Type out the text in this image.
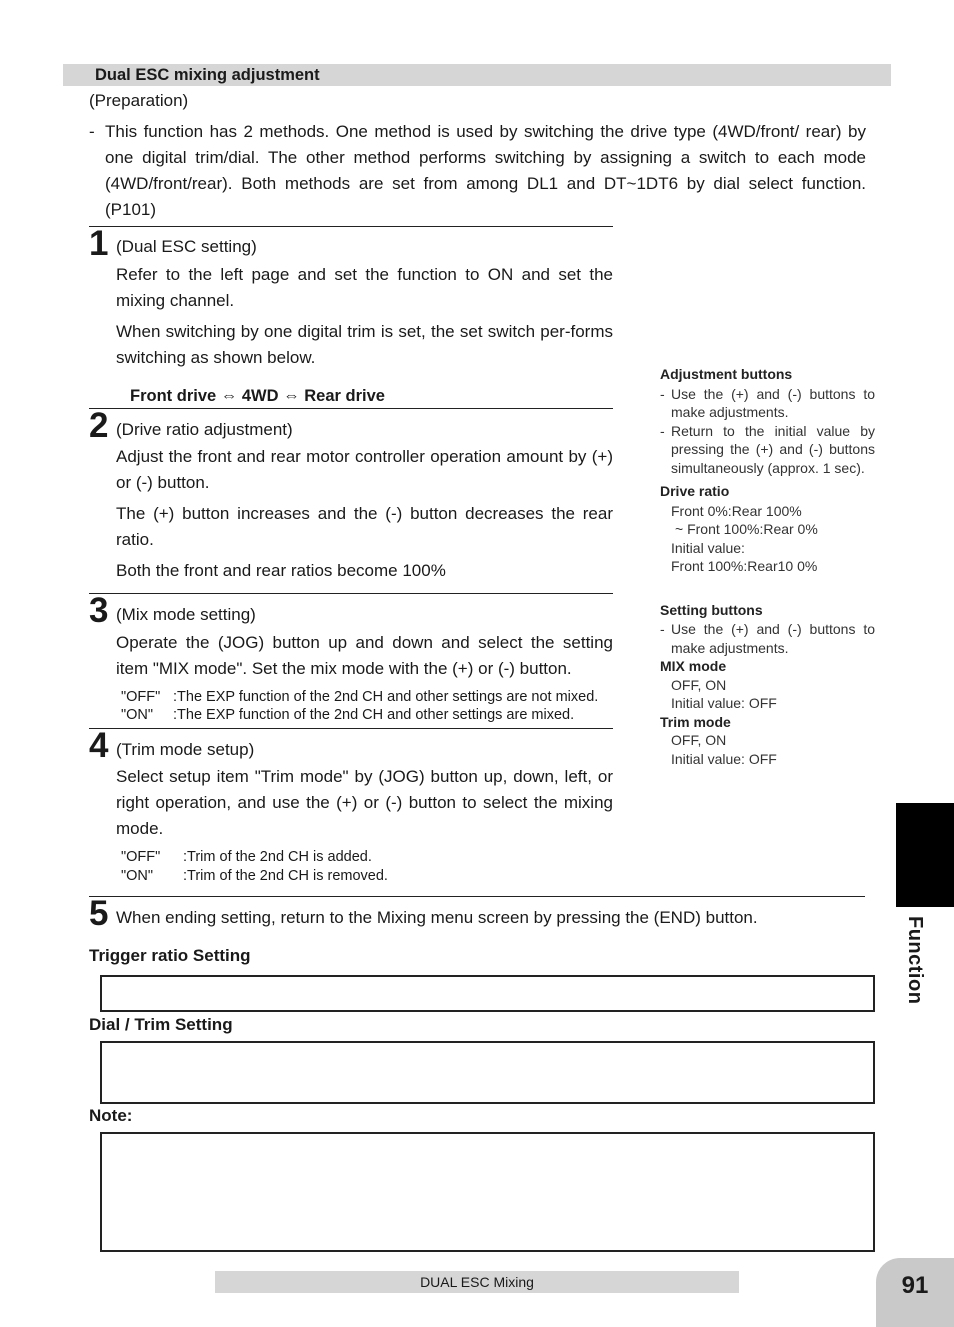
Dual ESC mixing adjustment
(Preparation)
- This function has 2 methods. One method is used by switching the drive type (4WD/front/ rear) by one digital trim/dial. The other method performs switching by assigning a switch to each mode (4WD/front/rear). Both methods are set from among DL1 and DT~1DT6 by dial select function. (P101)
1 (Dual ESC setting)
Refer to the left page and set the function to ON and set the mixing channel.
When switching by one digital trim is set, the set switch per-forms switching as shown below.
Front drive ⇔ 4WD ⇔ Rear drive
2 (Drive ratio adjustment)
Adjust the front and rear motor controller operation amount by (+) or (-) button.
The (+) button increases and the (-) button decreases the rear ratio.
Both the front and rear ratios become 100%
3 (Mix mode setting)
Operate the (JOG) button up and down and select the setting item "MIX mode". Set the mix mode with the (+) or (-) button.
"OFF" :The EXP function of the 2nd CH and other settings are not mixed.
"ON" :The EXP function of the 2nd CH and other settings are mixed.
4 (Trim mode setup)
Select setup item "Trim mode" by (JOG) button up, down, left, or right operation, and use the (+) or (-) button to select the mixing mode.
"OFF" :Trim of the 2nd CH is added.
"ON" :Trim of the 2nd CH is removed.
5 When ending setting, return to the Mixing menu screen by pressing the (END) button.
Adjustment buttons
- Use the (+) and (-) buttons to make adjustments.
- Return to the initial value by pressing the (+) and (-) buttons simultaneously (approx. 1 sec).
Drive ratio
Front 0%:Rear 100%
~ Front 100%:Rear 0%
Initial value:
Front 100%:Rear10 0%
Setting buttons
- Use the (+) and (-) buttons to make adjustments.
MIX mode
OFF, ON
Initial value: OFF
Trim mode
OFF, ON
Initial value: OFF
Trigger ratio Setting
Dial / Trim Setting
Note:
Function
DUAL ESC Mixing	91
